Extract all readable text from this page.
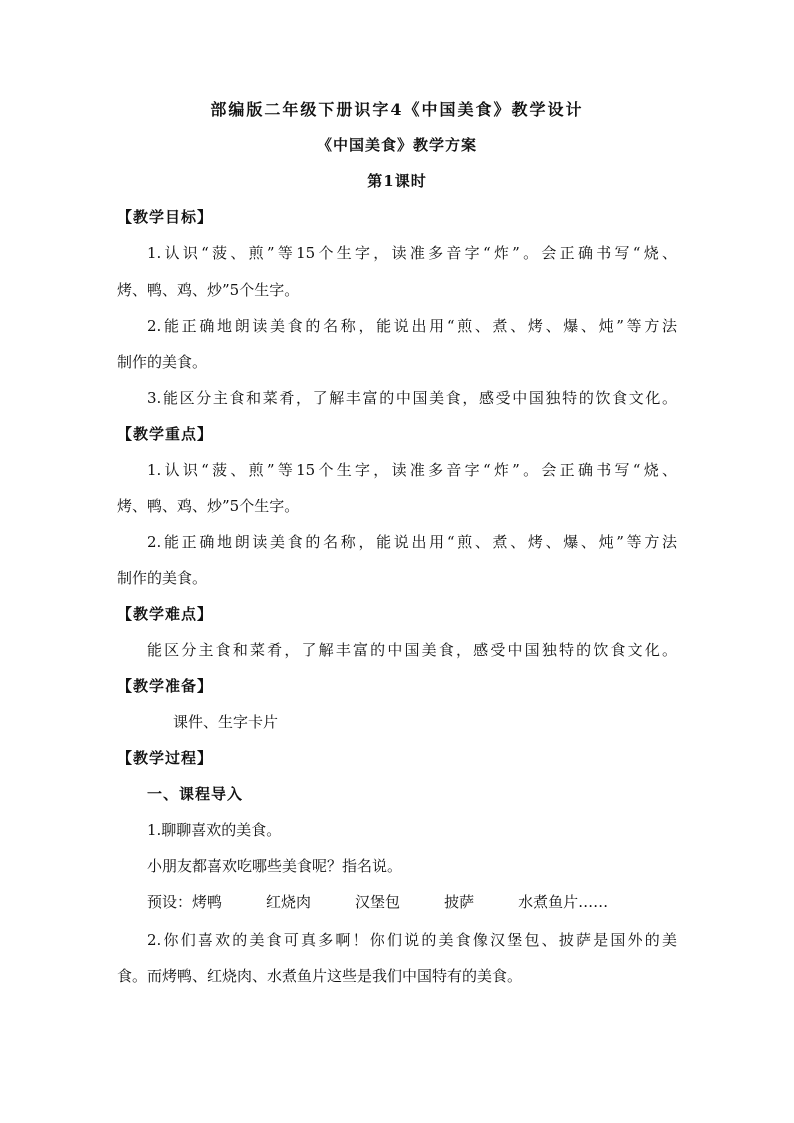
部编版二年级下册识字4《中国美食》教学设计
《中国美食》教学方案
第1课时
【教学目标】
1.认识“菠、煎”等15个生字，读准多音字“炸”。会正确书写“烧、
烤、鸭、鸡、炒”5个生字。
2.能正确地朗读美食的名称，能说出用“煎、煮、烤、爆、炖”等方法
制作的美食。
3.能区分主食和菜肴，了解丰富的中国美食，感受中国独特的饮食文化。
【教学重点】
1.认识“菠、煎”等15个生字，读准多音字“炸”。会正确书写“烧、
烤、鸭、鸡、炒”5个生字。
2.能正确地朗读美食的名称，能说出用“煎、煮、烤、爆、炖”等方法
制作的美食。
【教学难点】
能区分主食和菜肴，了解丰富的中国美食，感受中国独特的饮食文化。
【教学准备】
课件、生字卡片
【教学过程】
一、课程导入
1.聊聊喜欢的美食。
小朋友都喜欢吃哪些美食呢？指名说。
预设：烤鸭	红烧肉	汉堡包	披萨	水煮鱼片……
2.你们喜欢的美食可真多啊！你们说的美食像汉堡包、披萨是国外的美
食。而烤鸭、红烧肉、水煮鱼片这些是我们中国特有的美食。
